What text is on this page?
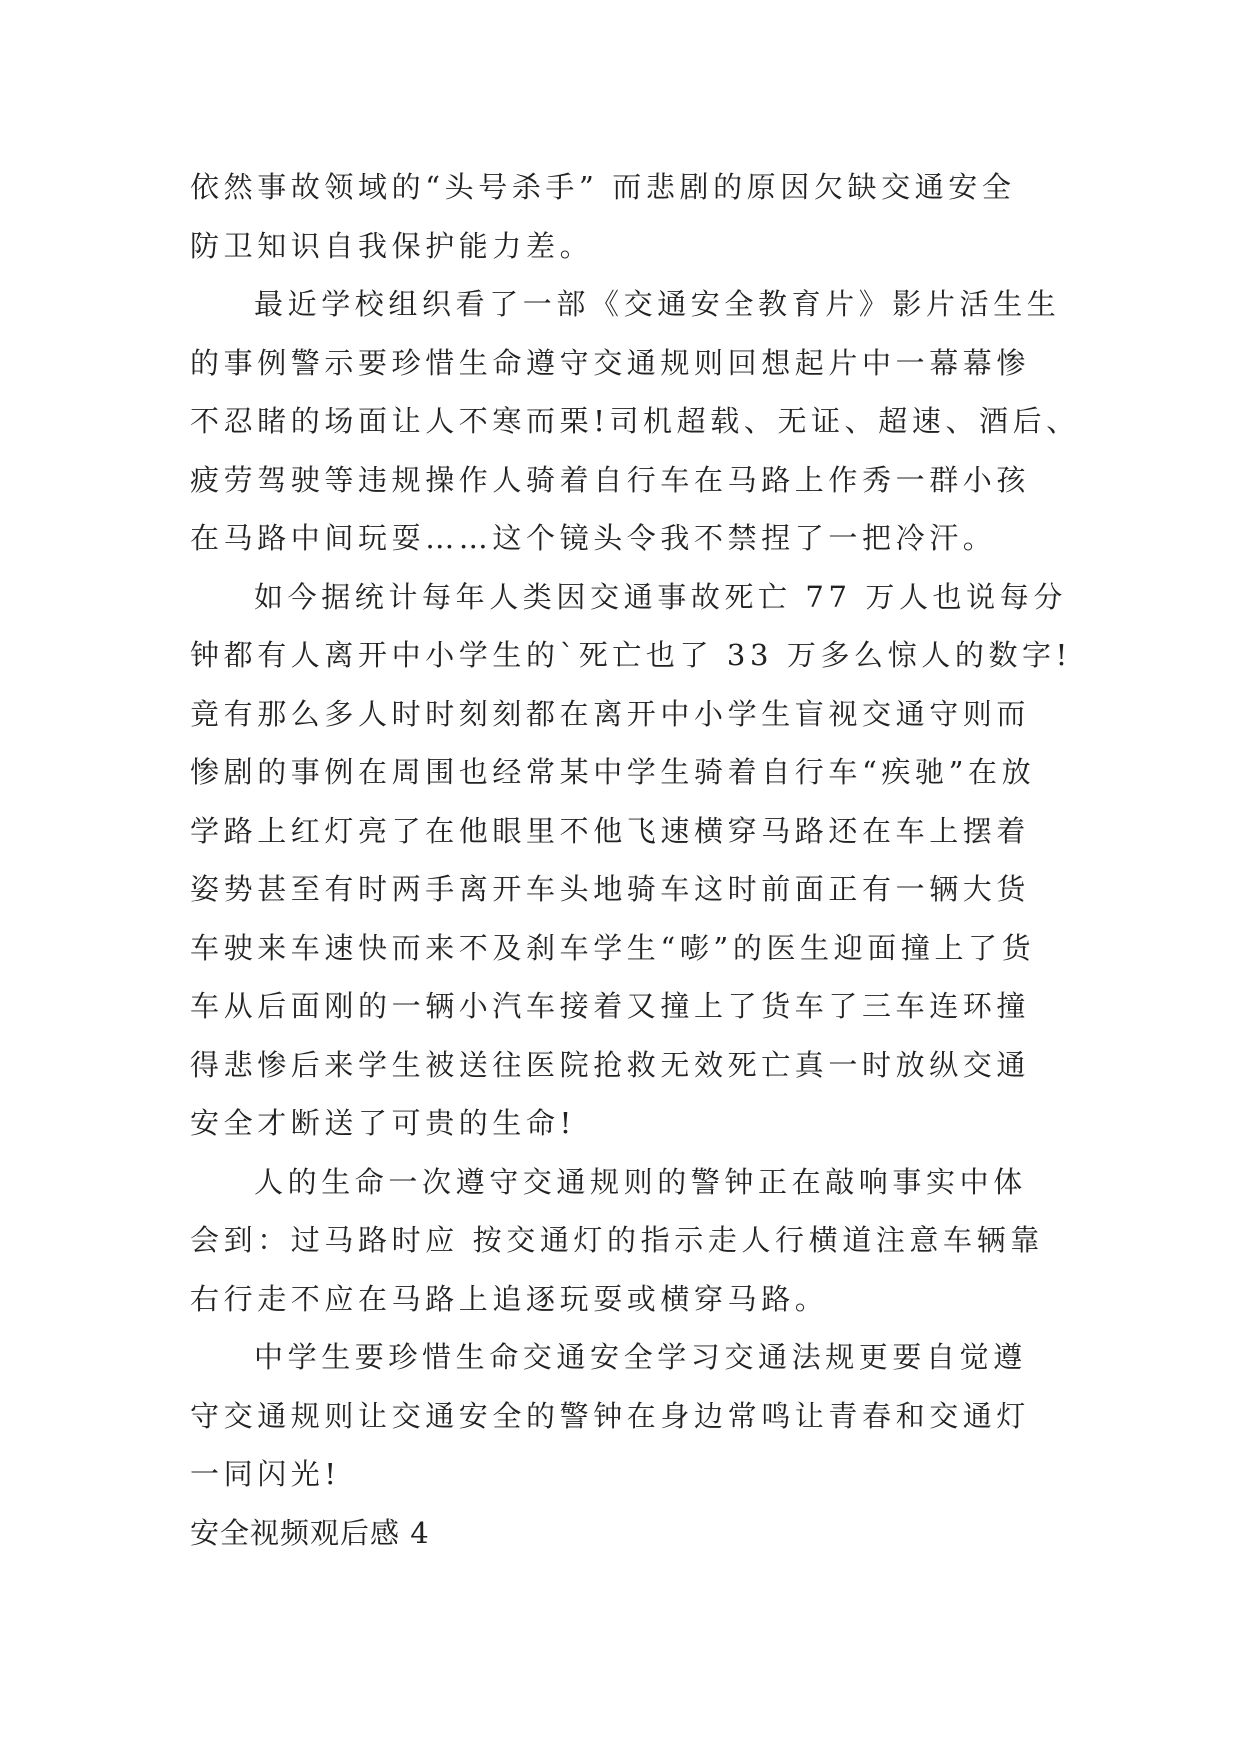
依然事故领域的“头号杀手” 而悲剧的原因欠缺交通安全
防卫知识自我保护能力差。
最近学校组织看了一部《交通安全教育片》影片活生生
的事例警示要珍惜生命遵守交通规则回想起片中一幕幕惨
不忍睹的场面让人不寒而栗!司机超载、无证、超速、酒后、
疲劳驾驶等违规操作人骑着自行车在马路上作秀一群小孩
在马路中间玩耍……这个镜头令我不禁捏了一把冷汗。
如今据统计每年人类因交通事故死亡 77 万人也说每分
钟都有人离开中小学生的`死亡也了 33 万多么惊人的数字!
竟有那么多人时时刻刻都在离开中小学生盲视交通守则而
惨剧的事例在周围也经常某中学生骑着自行车“疾驰”在放
学路上红灯亮了在他眼里不他飞速横穿马路还在车上摆着
姿势甚至有时两手离开车头地骑车这时前面正有一辆大货
车驶来车速快而来不及刹车学生“嘭”的医生迎面撞上了货
车从后面刚的一辆小汽车接着又撞上了货车了三车连环撞
得悲惨后来学生被送往医院抢救无效死亡真一时放纵交通
安全才断送了可贵的生命!
人的生命一次遵守交通规则的警钟正在敲响事实中体
会到：过马路时应 按交通灯的指示走人行横道注意车辆靠
右行走不应在马路上追逐玩耍或横穿马路。
中学生要珍惜生命交通安全学习交通法规更要自觉遵
守交通规则让交通安全的警钟在身边常鸣让青春和交通灯
一同闪光!
安全视频观后感 4
